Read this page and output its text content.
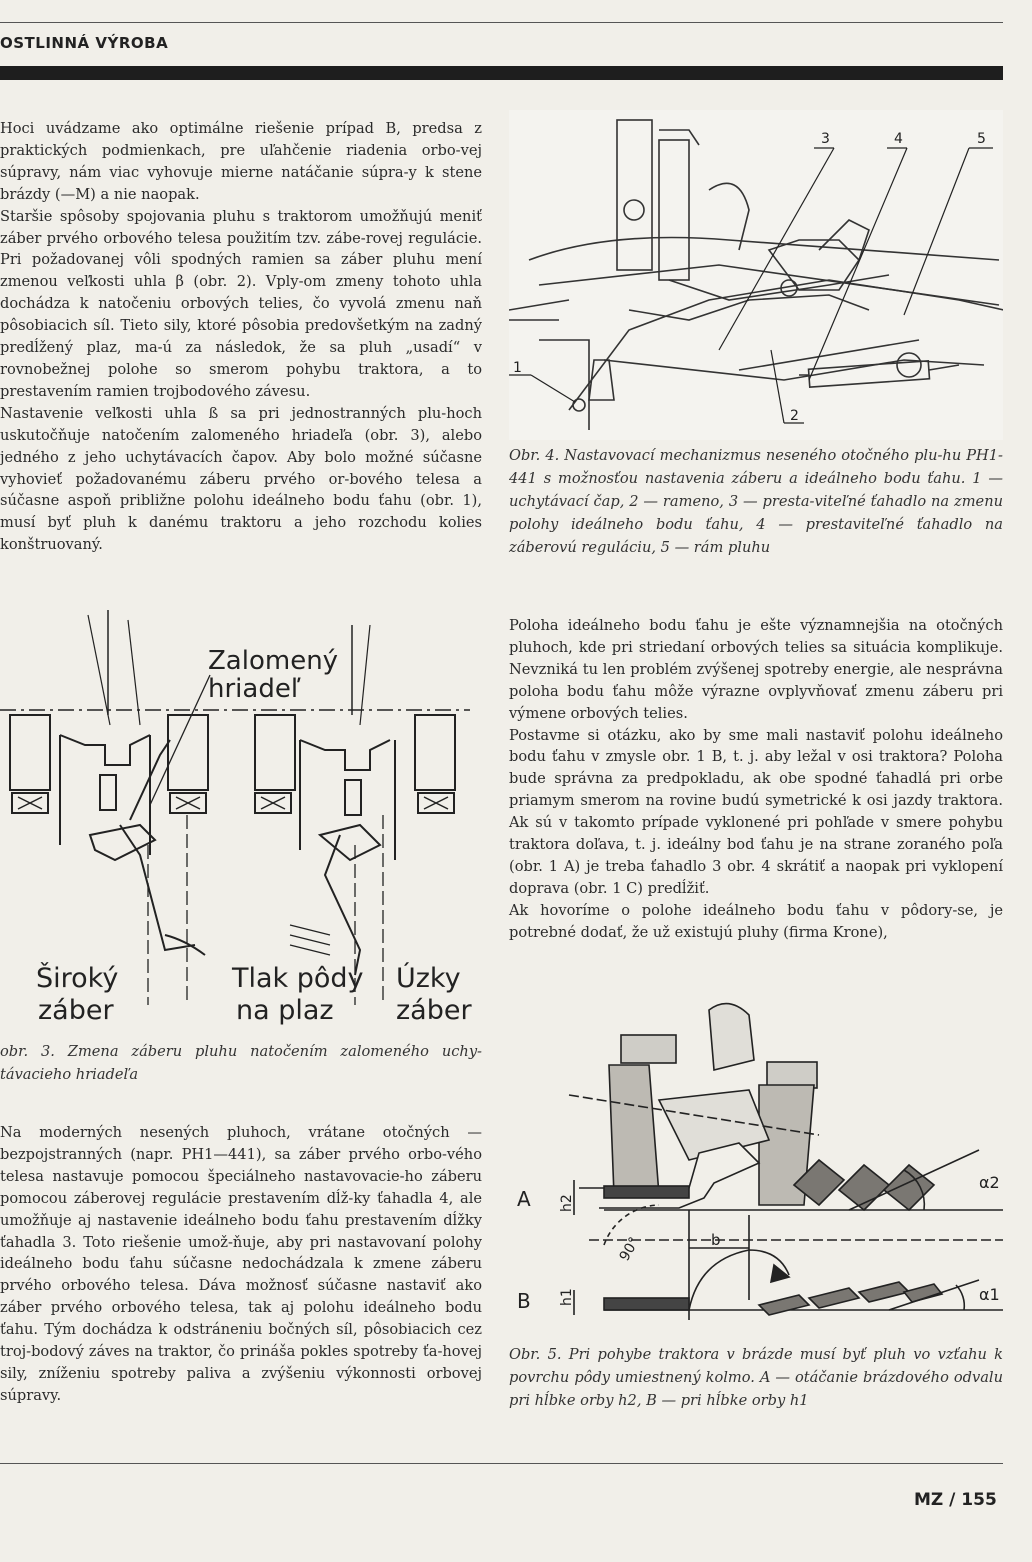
OSTLINNÁ VÝROBA

Hoci uvádzame ako optimálne riešenie prípad B, predsa z praktických podmienkach, pre uľahčenie riadenia orbo-vej súpravy, nám viac vyhovuje mierne natáčanie súpra-y k stene brázdy (—M) a nie naopak.

Staršie spôsoby spojovania pluhu s traktorom umožňujú meniť záber prvého orbového telesa použitím tzv. zábe-rovej regulácie. Pri požadovanej vôli spodných ramien sa záber pluhu mení zmenou veľkosti uhla β (obr. 2). Vply-om zmeny tohoto uhla dochádza k natočeniu orbových telies, čo vyvolá zmenu naň pôsobiacich síl. Tieto sily, ktoré pôsobia predovšetkým na zadný predĺžený plaz, ma-ú za následok, že sa pluh „usadí“ v rovnobežnej polohe so smerom pohybu traktora, a to prestavením ramien trojbodového závesu.

Nastavenie veľkosti uhla ß sa pri jednostranných plu-hoch uskutočňuje natočením zalomeného hriadeľa (obr. 3), alebo jedného z jeho uchytávacích čapov. Aby bolo možné súčasne vyhovieť požadovanému záberu prvého or-bového telesa a súčasne aspoň približne polohu ideálneho bodu ťahu (obr. 1), musí byť pluh k danému traktoru a jeho rozchodu kolies konštruovaný.

Zalomený
hriadeľ
Široký
záber
Tlak pôdy
na plaz
Úzky
záber
obr. 3. Zmena záberu pluhu natočením zalomeného uchy-távacieho hriadeľa

Na moderných nesených pluhoch, vrátane otočných — bezpojstranných (napr. PH1—441), sa záber prvého orbo-vého telesa nastavuje pomocou špeciálneho nastavovacie-ho záberu pomocou záberovej regulácie prestavením dĺž-ky ťahadla 4, ale umožňuje aj nastavenie ideálneho bodu ťahu prestavením dĺžky ťahadla 3. Toto riešenie umož-ňuje, aby pri nastavovaní polohy ideálneho bodu ťahu súčasne nedochádzala k zmene záberu prvého orbového telesa. Dáva možnosť súčasne nastaviť ako záber prvého orbového telesa, tak aj polohu ideálneho bodu ťahu. Tým dochádza k odstráneniu bočných síl, pôsobiacich cez troj-bodový záves na traktor, čo prináša pokles spotreby ťa-hovej sily, zníženiu spotreby paliva a zvýšeniu výkonnosti orbovej súpravy.

3	4	5
1
2
Obr. 4. Nastavovací mechanizmus neseného otočného plu-hu PH1-441 s možnosťou nastavenia záberu a ideálneho bodu ťahu. 1 — uchytávací čap, 2 — rameno, 3 — presta-viteľné ťahadlo na zmenu polohy ideálneho bodu ťahu, 4 — prestaviteľné ťahadlo na záberovú reguláciu, 5 — rám pluhu

Poloha ideálneho bodu ťahu je ešte významnejšia na otočných pluhoch, kde pri striedaní orbových telies sa situácia komplikuje. Nevzniká tu len problém zvýšenej spotreby energie, ale nesprávna poloha bodu ťahu môže výrazne ovplyvňovať zmenu záberu pri výmene orbových telies.

Postavme si otázku, ako by sme mali nastaviť polohu ideálneho bodu ťahu v zmysle obr. 1 B, t. j. aby ležal v osi traktora? Poloha bude správna za predpokladu, ak obe spodné ťahadlá pri orbe priamym smerom na rovine budú symetrické k osi jazdy traktora. Ak sú v takomto prípade vyklonené pri pohľade v smere pohybu traktora doľava, t. j. ideálny bod ťahu je na strane zoraného poľa (obr. 1 A) je treba ťahadlo 3 obr. 4 skrátiť a naopak pri vyklopení doprava (obr. 1 C) predĺžiť.

Ak hovoríme o polohe ideálneho bodu ťahu v pôdory-se, je potrebné dodať, že už existujú pluhy (firma Krone),

A
B
h2
h1
b
90°
α2
α1
Obr. 5. Pri pohybe traktora v brázde musí byť pluh vo vzťahu k povrchu pôdy umiestnený kolmo. A — otáčanie brázdového odvalu pri hĺbke orby h2, B — pri hĺbke orby h1
MZ / 155
